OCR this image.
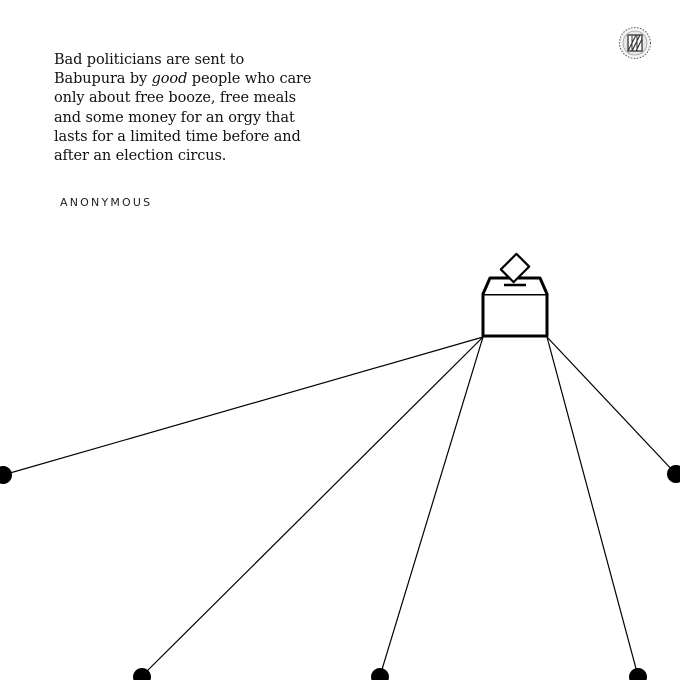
Bad politicians are sent to
Babupura by good people who care
only about free booze, free meals
and some money for an orgy that
lasts for a limited time before and
after an election circus.
ANONYMOUS
